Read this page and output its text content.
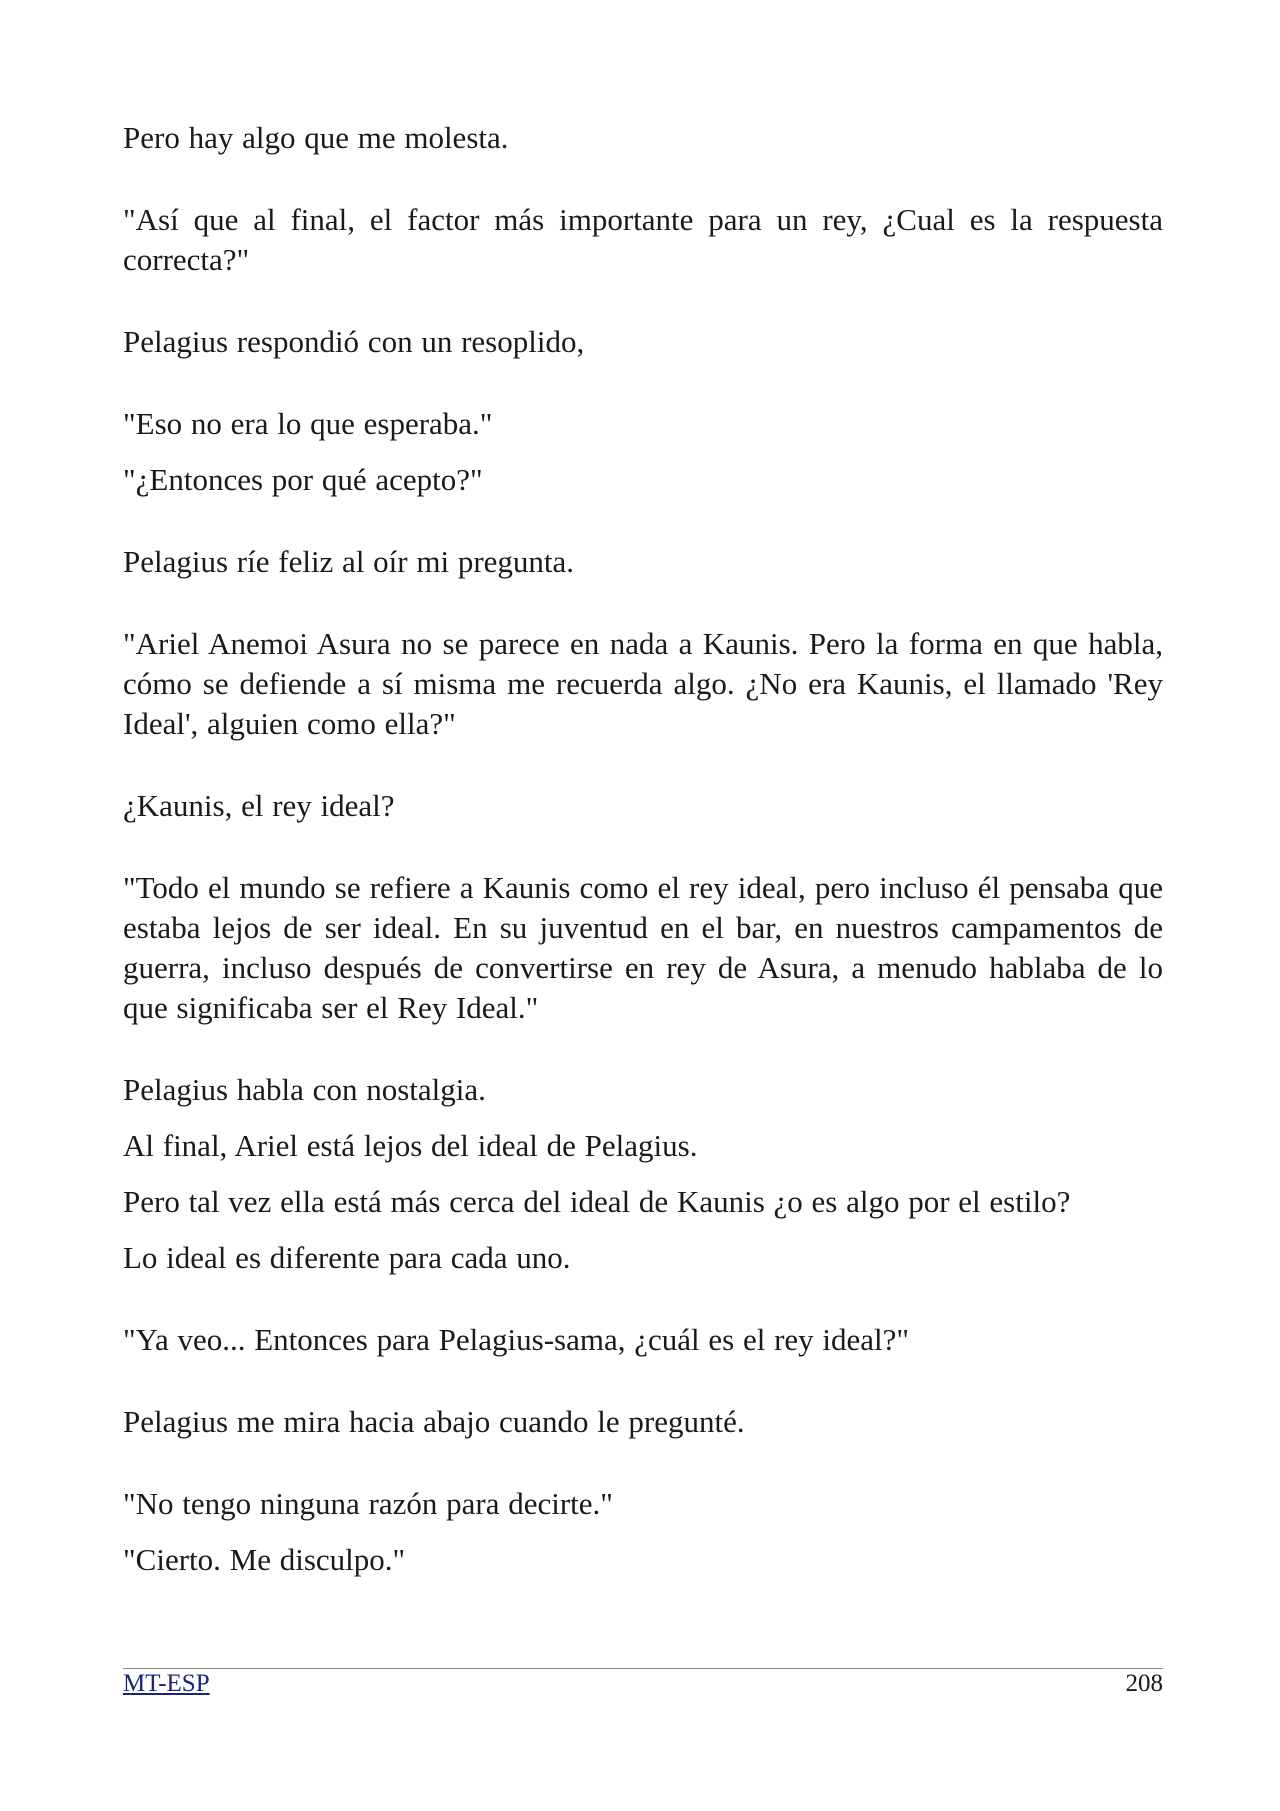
Pero hay algo que me molesta.

"Así que al final, el factor más importante para un rey, ¿Cual es la respuesta correcta?"

Pelagius respondió con un resoplido,

"Eso no era lo que esperaba."

"¿Entonces por qué acepto?"

Pelagius ríe feliz al oír mi pregunta.

"Ariel Anemoi Asura no se parece en nada a Kaunis. Pero la forma en que habla, cómo se defiende a sí misma me recuerda algo. ¿No era Kaunis, el llamado 'Rey Ideal', alguien como ella?"

¿Kaunis, el rey ideal?

"Todo el mundo se refiere a Kaunis como el rey ideal, pero incluso él pensaba que estaba lejos de ser ideal. En su juventud en el bar, en nuestros campamentos de guerra, incluso después de convertirse en rey de Asura, a menudo hablaba de lo que significaba ser el Rey Ideal."

Pelagius habla con nostalgia.

Al final, Ariel está lejos del ideal de Pelagius.

Pero tal vez ella está más cerca del ideal de Kaunis ¿o es algo por el estilo?

Lo ideal es diferente para cada uno.

"Ya veo... Entonces para Pelagius-sama, ¿cuál es el rey ideal?"

Pelagius me mira hacia abajo cuando le pregunté.

"No tengo ninguna razón para decirte."

"Cierto. Me disculpo."

MT-ESP	208
